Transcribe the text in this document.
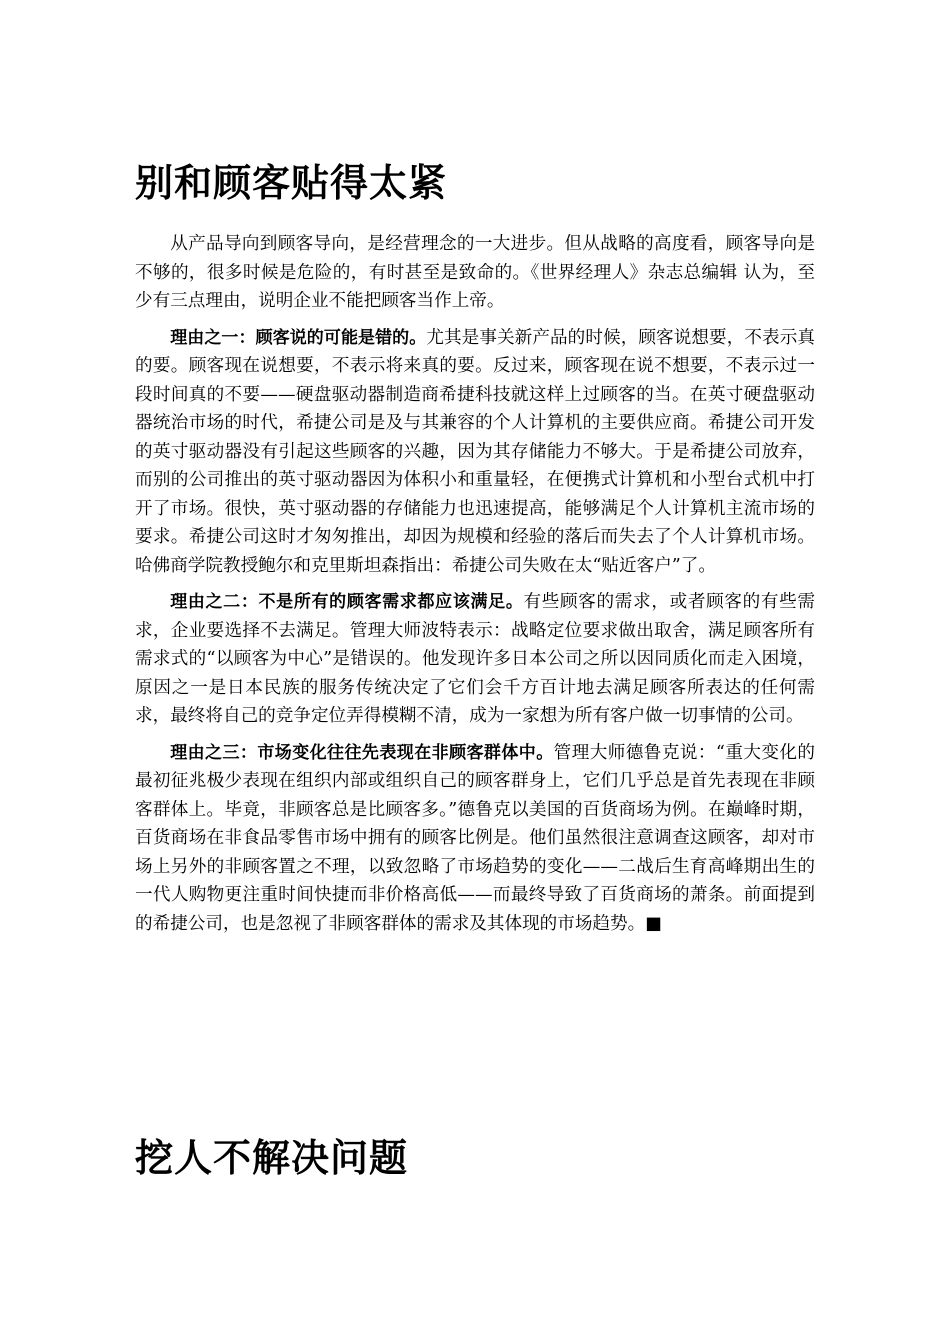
别和顾客贴得太紧

从产品导向到顾客导向，是经营理念的一大进步。但从战略的高度看，顾客导向是不够的，很多时候是危险的，有时甚至是致命的。《世界经理人》杂志总编辑 认为，至少有三点理由，说明企业不能把顾客当作上帝。

理由之一：顾客说的可能是错的。尤其是事关新产品的时候，顾客说想要，不表示真的要。顾客现在说想要，不表示将来真的要。反过来，顾客现在说不想要，不表示过一段时间真的不要——硬盘驱动器制造商希捷科技就这样上过顾客的当。在英寸硬盘驱动器统治市场的时代，希捷公司是及与其兼容的个人计算机的主要供应商。希捷公司开发的英寸驱动器没有引起这些顾客的兴趣，因为其存储能力不够大。于是希捷公司放弃，而别的公司推出的英寸驱动器因为体积小和重量轻，在便携式计算机和小型台式机中打开了市场。很快，英寸驱动器的存储能力也迅速提高，能够满足个人计算机主流市场的要求。希捷公司这时才匆匆推出，却因为规模和经验的落后而失去了个人计算机市场。哈佛商学院教授鲍尔和克里斯坦森指出：希捷公司失败在太“贴近客户”了。

理由之二：不是所有的顾客需求都应该满足。有些顾客的需求，或者顾客的有些需求，企业要选择不去满足。管理大师波特表示：战略定位要求做出取舍，满足顾客所有需求式的“以顾客为中心”是错误的。他发现许多日本公司之所以因同质化而走入困境，原因之一是日本民族的服务传统决定了它们会千方百计地去满足顾客所表达的任何需求，最终将自己的竞争定位弄得模糊不清，成为一家想为所有客户做一切事情的公司。

理由之三：市场变化往往先表现在非顾客群体中。管理大师德鲁克说：“重大变化的最初征兆极少表现在组织内部或组织自己的顾客群身上，它们几乎总是首先表现在非顾客群体上。毕竟，非顾客总是比顾客多。”德鲁克以美国的百货商场为例。在巅峰时期，百货商场在非食品零售市场中拥有的顾客比例是。他们虽然很注意调查这顾客，却对市场上另外的非顾客置之不理，以致忽略了市场趋势的变化——二战后生育高峰期出生的一代人购物更注重时间快捷而非价格高低——而最终导致了百货商场的萧条。前面提到的希捷公司，也是忽视了非顾客群体的需求及其体现的市场趋势。■

挖人不解决问题
